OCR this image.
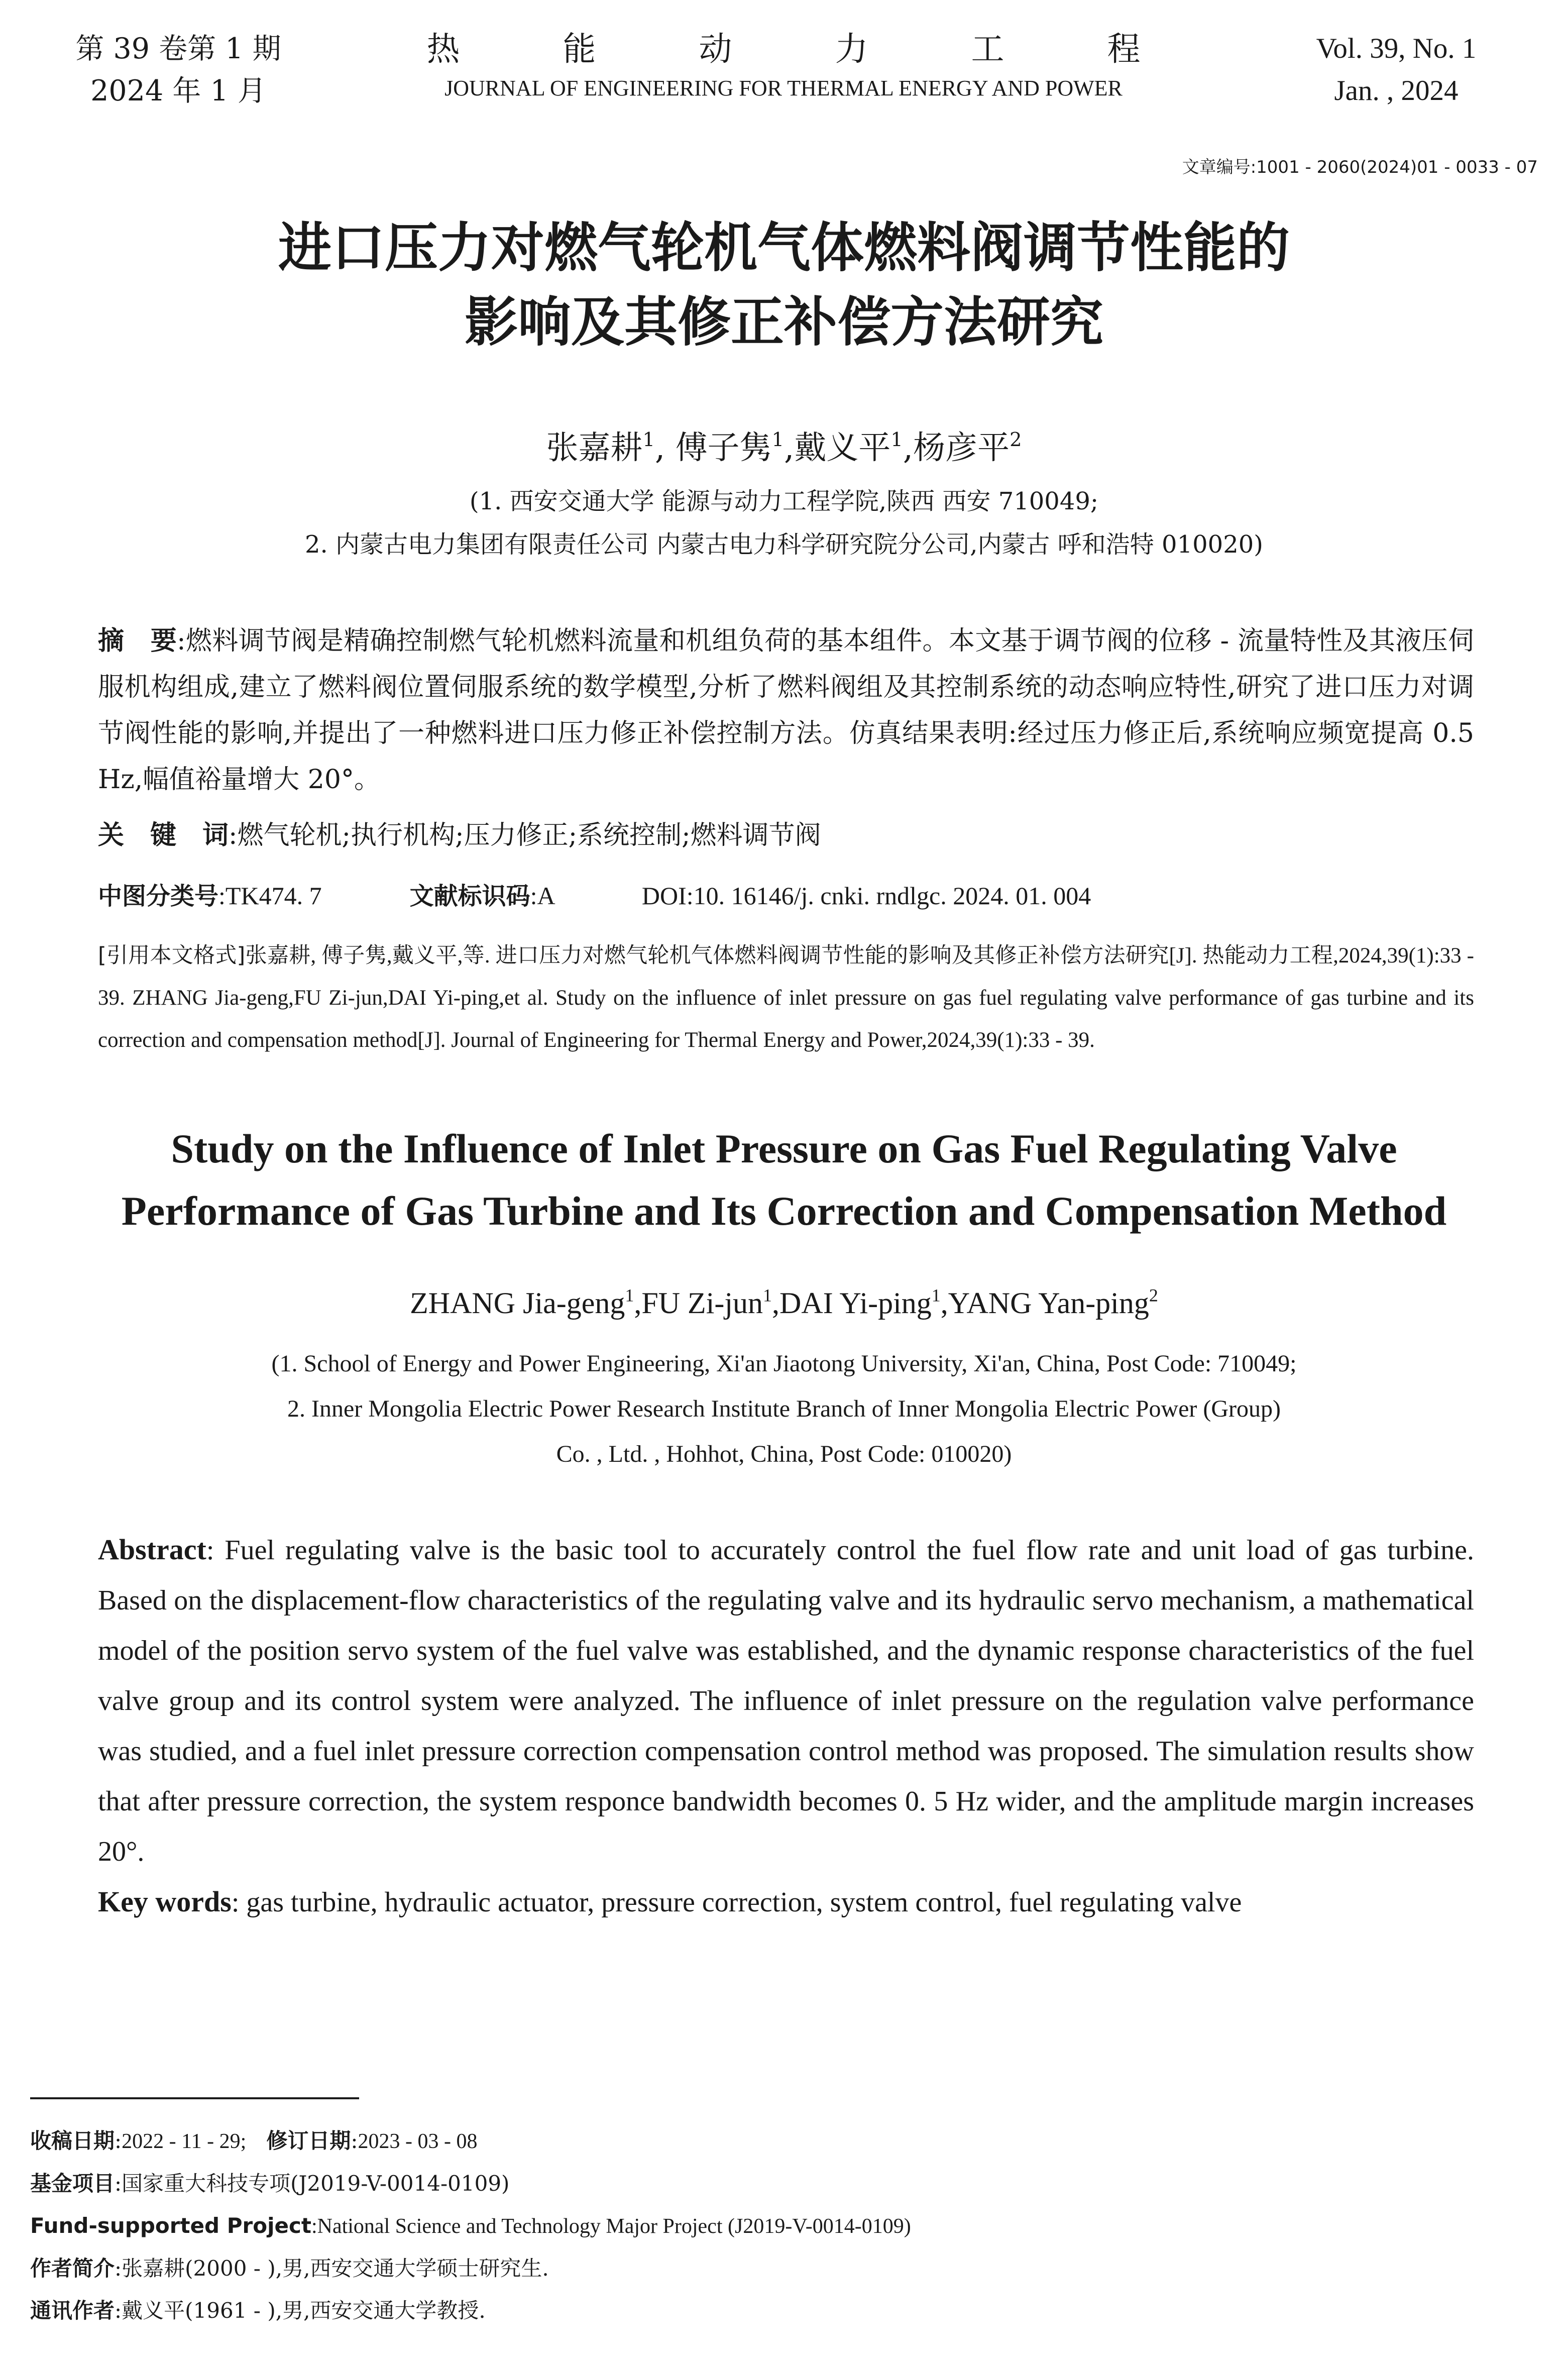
第 39 卷第 1 期
2024 年 1 月
热能动力工程
JOURNAL OF ENGINEERING FOR THERMAL ENERGY AND POWER
Vol. 39, No. 1
Jan. , 2024
文章编号:1001 - 2060(2024)01 - 0033 - 07
进口压力对燃气轮机气体燃料阀调节性能的
影响及其修正补偿方法研究
张嘉耕$^1$, 傅子隽$^1$,戴义平$^1$,杨彦平$^2$
(1. 西安交通大学 能源与动力工程学院,陕西 西安 710049;
2. 内蒙古电力集团有限责任公司 内蒙古电力科学研究院分公司,内蒙古 呼和浩特 010020)
摘　要:燃料调节阀是精确控制燃气轮机燃料流量和机组负荷的基本组件。本文基于调节阀的位移 - 流量特性及其液压伺服机构组成,建立了燃料阀位置伺服系统的数学模型,分析了燃料阀组及其控制系统的动态响应特性,研究了进口压力对调节阀性能的影响,并提出了一种燃料进口压力修正补偿控制方法。仿真结果表明:经过压力修正后,系统响应频宽提高 0.5 Hz,幅值裕量增大 20°。
关　键　词:燃气轮机;执行机构;压力修正;系统控制;燃料调节阀
中图分类号:TK474. 7	文献标识码:A	DOI:10. 16146/j. cnki. rndlgc. 2024. 01. 004
[引用本文格式]张嘉耕, 傅子隽,戴义平,等. 进口压力对燃气轮机气体燃料阀调节性能的影响及其修正补偿方法研究[J]. 热能动力工程,2024,39(1):33 - 39. ZHANG Jia-geng,FU Zi-jun,DAI Yi-ping,et al. Study on the influence of inlet pressure on gas fuel regulating valve performance of gas turbine and its correction and compensation method[J]. Journal of Engineering for Thermal Energy and Power,2024,39(1):33 - 39.
Study on the Influence of Inlet Pressure on Gas Fuel Regulating Valve
Performance of Gas Turbine and Its Correction and Compensation Method
ZHANG Jia-geng$^1$,FU Zi-jun$^1$,DAI Yi-ping$^1$,YANG Yan-ping$^2$
(1. School of Energy and Power Engineering, Xi'an Jiaotong University, Xi'an, China, Post Code: 710049;
2. Inner Mongolia Electric Power Research Institute Branch of Inner Mongolia Electric Power (Group)
Co. , Ltd. , Hohhot, China, Post Code: 010020)
Abstract: Fuel regulating valve is the basic tool to accurately control the fuel flow rate and unit load of gas turbine. Based on the displacement-flow characteristics of the regulating valve and its hydraulic servo mechanism, a mathematical model of the position servo system of the fuel valve was established, and the dynamic response characteristics of the fuel valve group and its control system were analyzed. The influence of inlet pressure on the regulation valve performance was studied, and a fuel inlet pressure correction compensation control method was proposed. The simulation results show that after pressure correction, the system responce bandwidth becomes 0. 5 Hz wider, and the amplitude margin increases 20°.
Key words: gas turbine, hydraulic actuator, pressure correction, system control, fuel regulating valve
收稿日期:2022 - 11 - 29; 修订日期:2023 - 03 - 08
基金项目:国家重大科技专项(J2019-V-0014-0109)
Fund-supported Project:National Science and Technology Major Project (J2019-V-0014-0109)
作者简介:张嘉耕(2000 - ),男,西安交通大学硕士研究生.
通讯作者:戴义平(1961 - ),男,西安交通大学教授.
